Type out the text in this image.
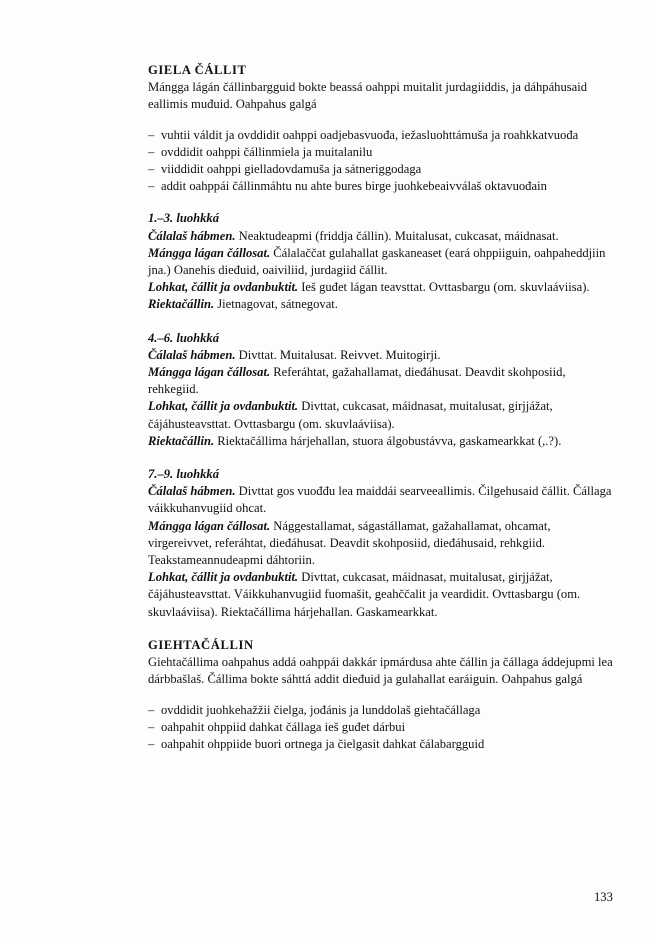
GIELA ČÁLLIT

Mángga lágán čállinbargguid bokte beassá oahppi muitalit jurdagiiddis, ja dáhpáhusaid eallimis muđuid. Oahpahus galgá

– vuhtii váldit ja ovddidit oahppi oadjebasvuođa, iežasluohttámuša ja roahkkatvuođa
– ovddidit oahppi čállinmiela ja muitalanilu
– viiddidit oahppi gielladovdamuša ja sátneriggodaga
– addit oahppái čállinmáhtu nu ahte bures birge juohkebeaivválaš oktavuođain

1.–3. luohkká

Čálalaš hábmen. Neaktudeapmi (friddja čállin). Muitalusat, cukcasat, máidnasat.

Mángga lágan čállosat. Čálalaččat gulahallat gaskaneaset (eará ohppiiguin, oahpaheddjiin jna.) Oanehis dieđuid, oaiviliid, jurdagiid čállit.

Lohkat, čállit ja ovdanbuktit. Ieš guđet lágan teavsttat. Ovttasbargu (om. skuvlaáviisa).

Riektačállin. Jietnagovat, sátnegovat.

4.–6. luohkká

Čálalaš hábmen. Divttat. Muitalusat. Reivvet. Muitogirji.

Mángga lágan čállosat. Referáhtat, gažahallamat, dieđáhusat. Deavdit skohposiid, rehkegiid.

Lohkat, čállit ja ovdanbuktit. Divttat, cukcasat, máidnasat, muitalusat, girjjážat, čájáhusteavsttat. Ovttasbargu (om. skuvlaáviisa).

Riektačállin. Riektačállima hárjehallan, stuora álgobustávva, gaskamearkkat (,.?).

7.–9. luohkká

Čálalaš hábmen. Divttat gos vuođđu lea maiddái searveeallimis. Čilgehusaid čállit. Čállaga váikkuhanvugiid ohcat.

Mángga lágan čállosat. Nággestallamat, ságastállamat, gažahallamat, ohcamat, virgereivvet, referáhtat, dieđáhusat. Deavdit skohposiid, dieđáhusaid, rehkgiid. Teakstameannudeapmi dáhtoriin.

Lohkat, čállit ja ovdanbuktit. Divttat, cukcasat, máidnasat, muitalusat, girjjážat, čájáhusteavsttat. Váikkuhanvugiid fuomašit, geahččalit ja veardidit. Ovttasbargu (om. skuvlaáviisa). Riektačállima hárjehallan. Gaskamearkkat.

GIEHTAČÁLLIN

Giehtačállima oahpahus addá oahppái dakkár ipmárdusa ahte čállin ja čállaga áddejupmi lea dárbbašlaš. Čállima bokte sáhttá addit dieđuid ja gulahallat earáiguin. Oahpahus galgá

– ovddidit juohkehažžii čielga, jođánis ja lunddolaš giehtačállaga
– oahpahit ohppiid dahkat čállaga ieš guđet dárbui
– oahpahit ohppiide buori ortnega ja čielgasit dahkat čálabargguid
133
